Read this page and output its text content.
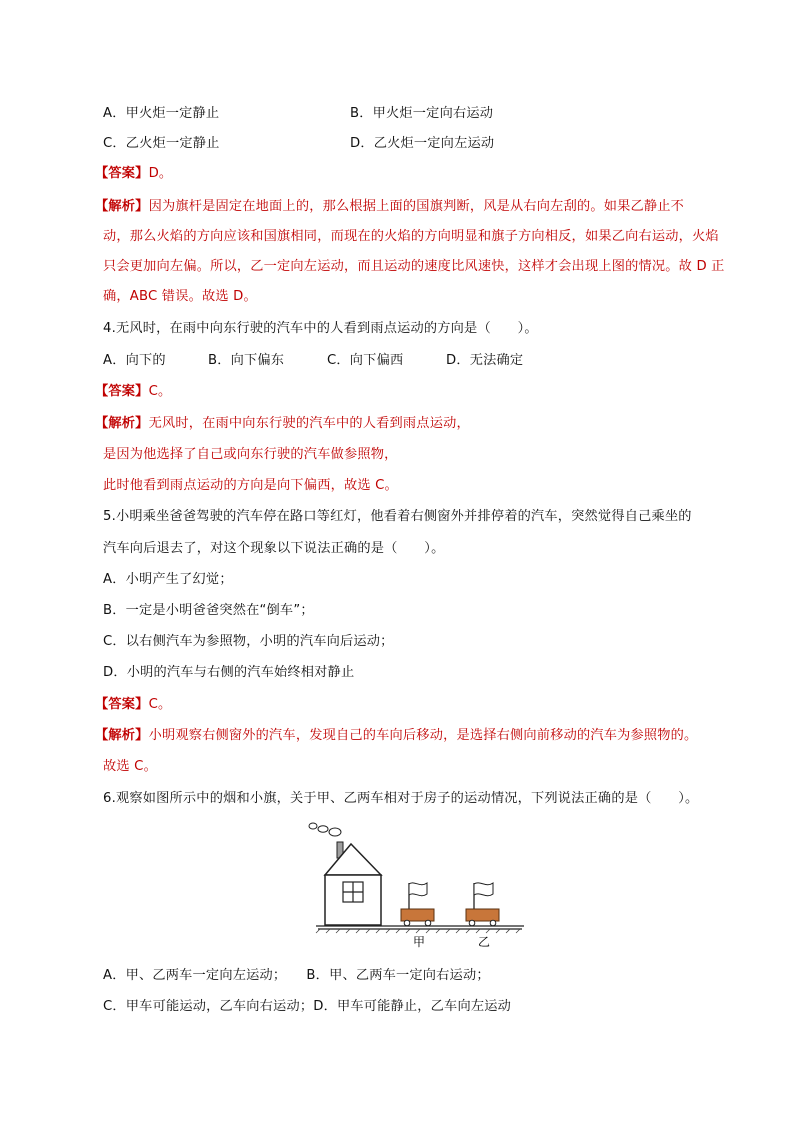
A．甲火炬一定静止	B．甲火炬一定向右运动
C．乙火炬一定静止	D．乙火炬一定向左运动
【答案】D。
【解析】因为旗杆是固定在地面上的，那么根据上面的国旗判断，风是从右向左刮的。如果乙静止不
动，那么火焰的方向应该和国旗相同，而现在的火焰的方向明显和旗子方向相反，如果乙向右运动，火焰
只会更加向左偏。所以，乙一定向左运动，而且运动的速度比风速快，这样才会出现上图的情况。故 D 正
确，ABC 错误。故选 D。
4.无风时，在雨中向东行驶的汽车中的人看到雨点运动的方向是（　　）。
A．向下的	B．向下偏东	C．向下偏西	D．无法确定
【答案】C。
【解析】无风时，在雨中向东行驶的汽车中的人看到雨点运动，
是因为他选择了自己或向东行驶的汽车做参照物，
此时他看到雨点运动的方向是向下偏西，故选 C。
5.小明乘坐爸爸驾驶的汽车停在路口等红灯，他看着右侧窗外并排停着的汽车，突然觉得自己乘坐的
汽车向后退去了，对这个现象以下说法正确的是（　　）。
A．小明产生了幻觉；
B．一定是小明爸爸突然在“倒车”；
C．以右侧汽车为参照物，小明的汽车向后运动；
D．小明的汽车与右侧的汽车始终相对静止
【答案】C。
【解析】小明观察右侧窗外的汽车，发现自己的车向后移动，是选择右侧向前移动的汽车为参照物的。
故选 C。
6.观察如图所示中的烟和小旗，关于甲、乙两车相对于房子的运动情况，下列说法正确的是（　　）。
甲	乙
A．甲、乙两车一定向左运动；　　B．甲、乙两车一定向右运动；
C．甲车可能运动，乙车向右运动；D．甲车可能静止，乙车向左运动
